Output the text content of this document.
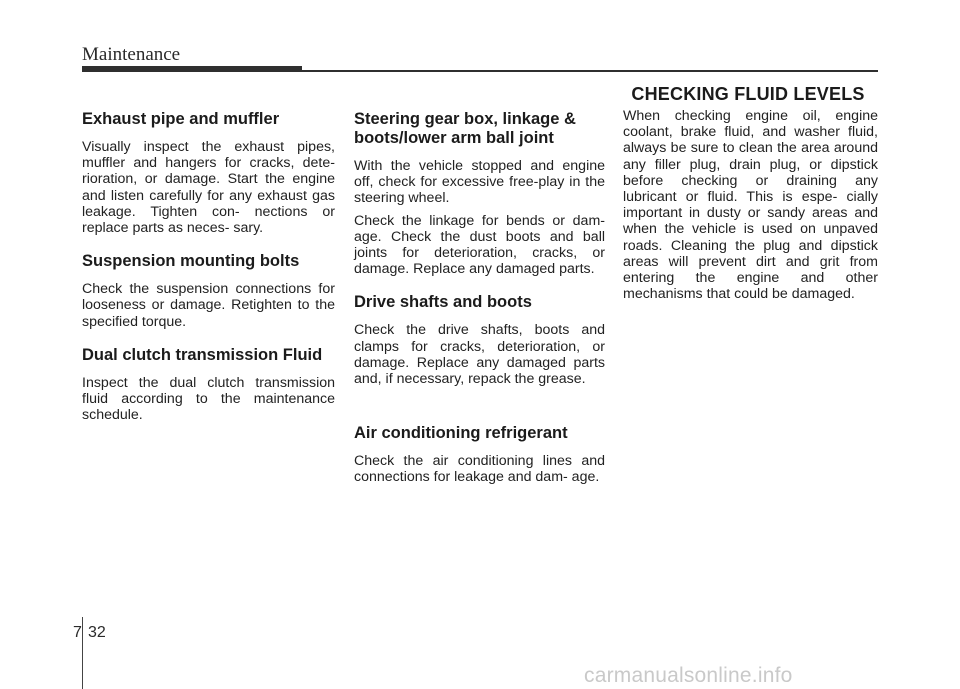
Maintenance
CHECKING FLUID LEVELS
Exhaust pipe and muffler

Visually inspect the exhaust pipes, muffler and hangers for cracks, dete- rioration, or damage. Start the engine and listen carefully for any exhaust gas leakage. Tighten con- nections or replace parts as neces- sary.

Suspension mounting bolts

Check the suspension connections for looseness or damage. Retighten to the specified torque.

Dual clutch transmission Fluid

Inspect the dual clutch transmission fluid according to the maintenance schedule.

Steering gear box, linkage & boots/lower arm ball joint

With the vehicle stopped and engine off, check for excessive free-play in the steering wheel.

Check the linkage for bends or dam- age. Check the dust boots and ball joints for deterioration, cracks, or damage. Replace any damaged parts.

Drive shafts and boots

Check the drive shafts, boots and clamps for cracks, deterioration, or damage. Replace any damaged parts and, if necessary, repack the grease.

Air conditioning refrigerant

Check the air conditioning lines and connections for leakage and dam- age.

When checking engine oil, engine coolant, brake fluid, and washer fluid, always be sure to clean the area around any filler plug, drain plug, or dipstick before checking or draining any lubricant or fluid. This is espe- cially important in dusty or sandy areas and when the vehicle is used on unpaved roads. Cleaning the plug and dipstick areas will prevent dirt and grit from entering the engine and other mechanisms that could be damaged.

7 32
carmanualsonline.info
